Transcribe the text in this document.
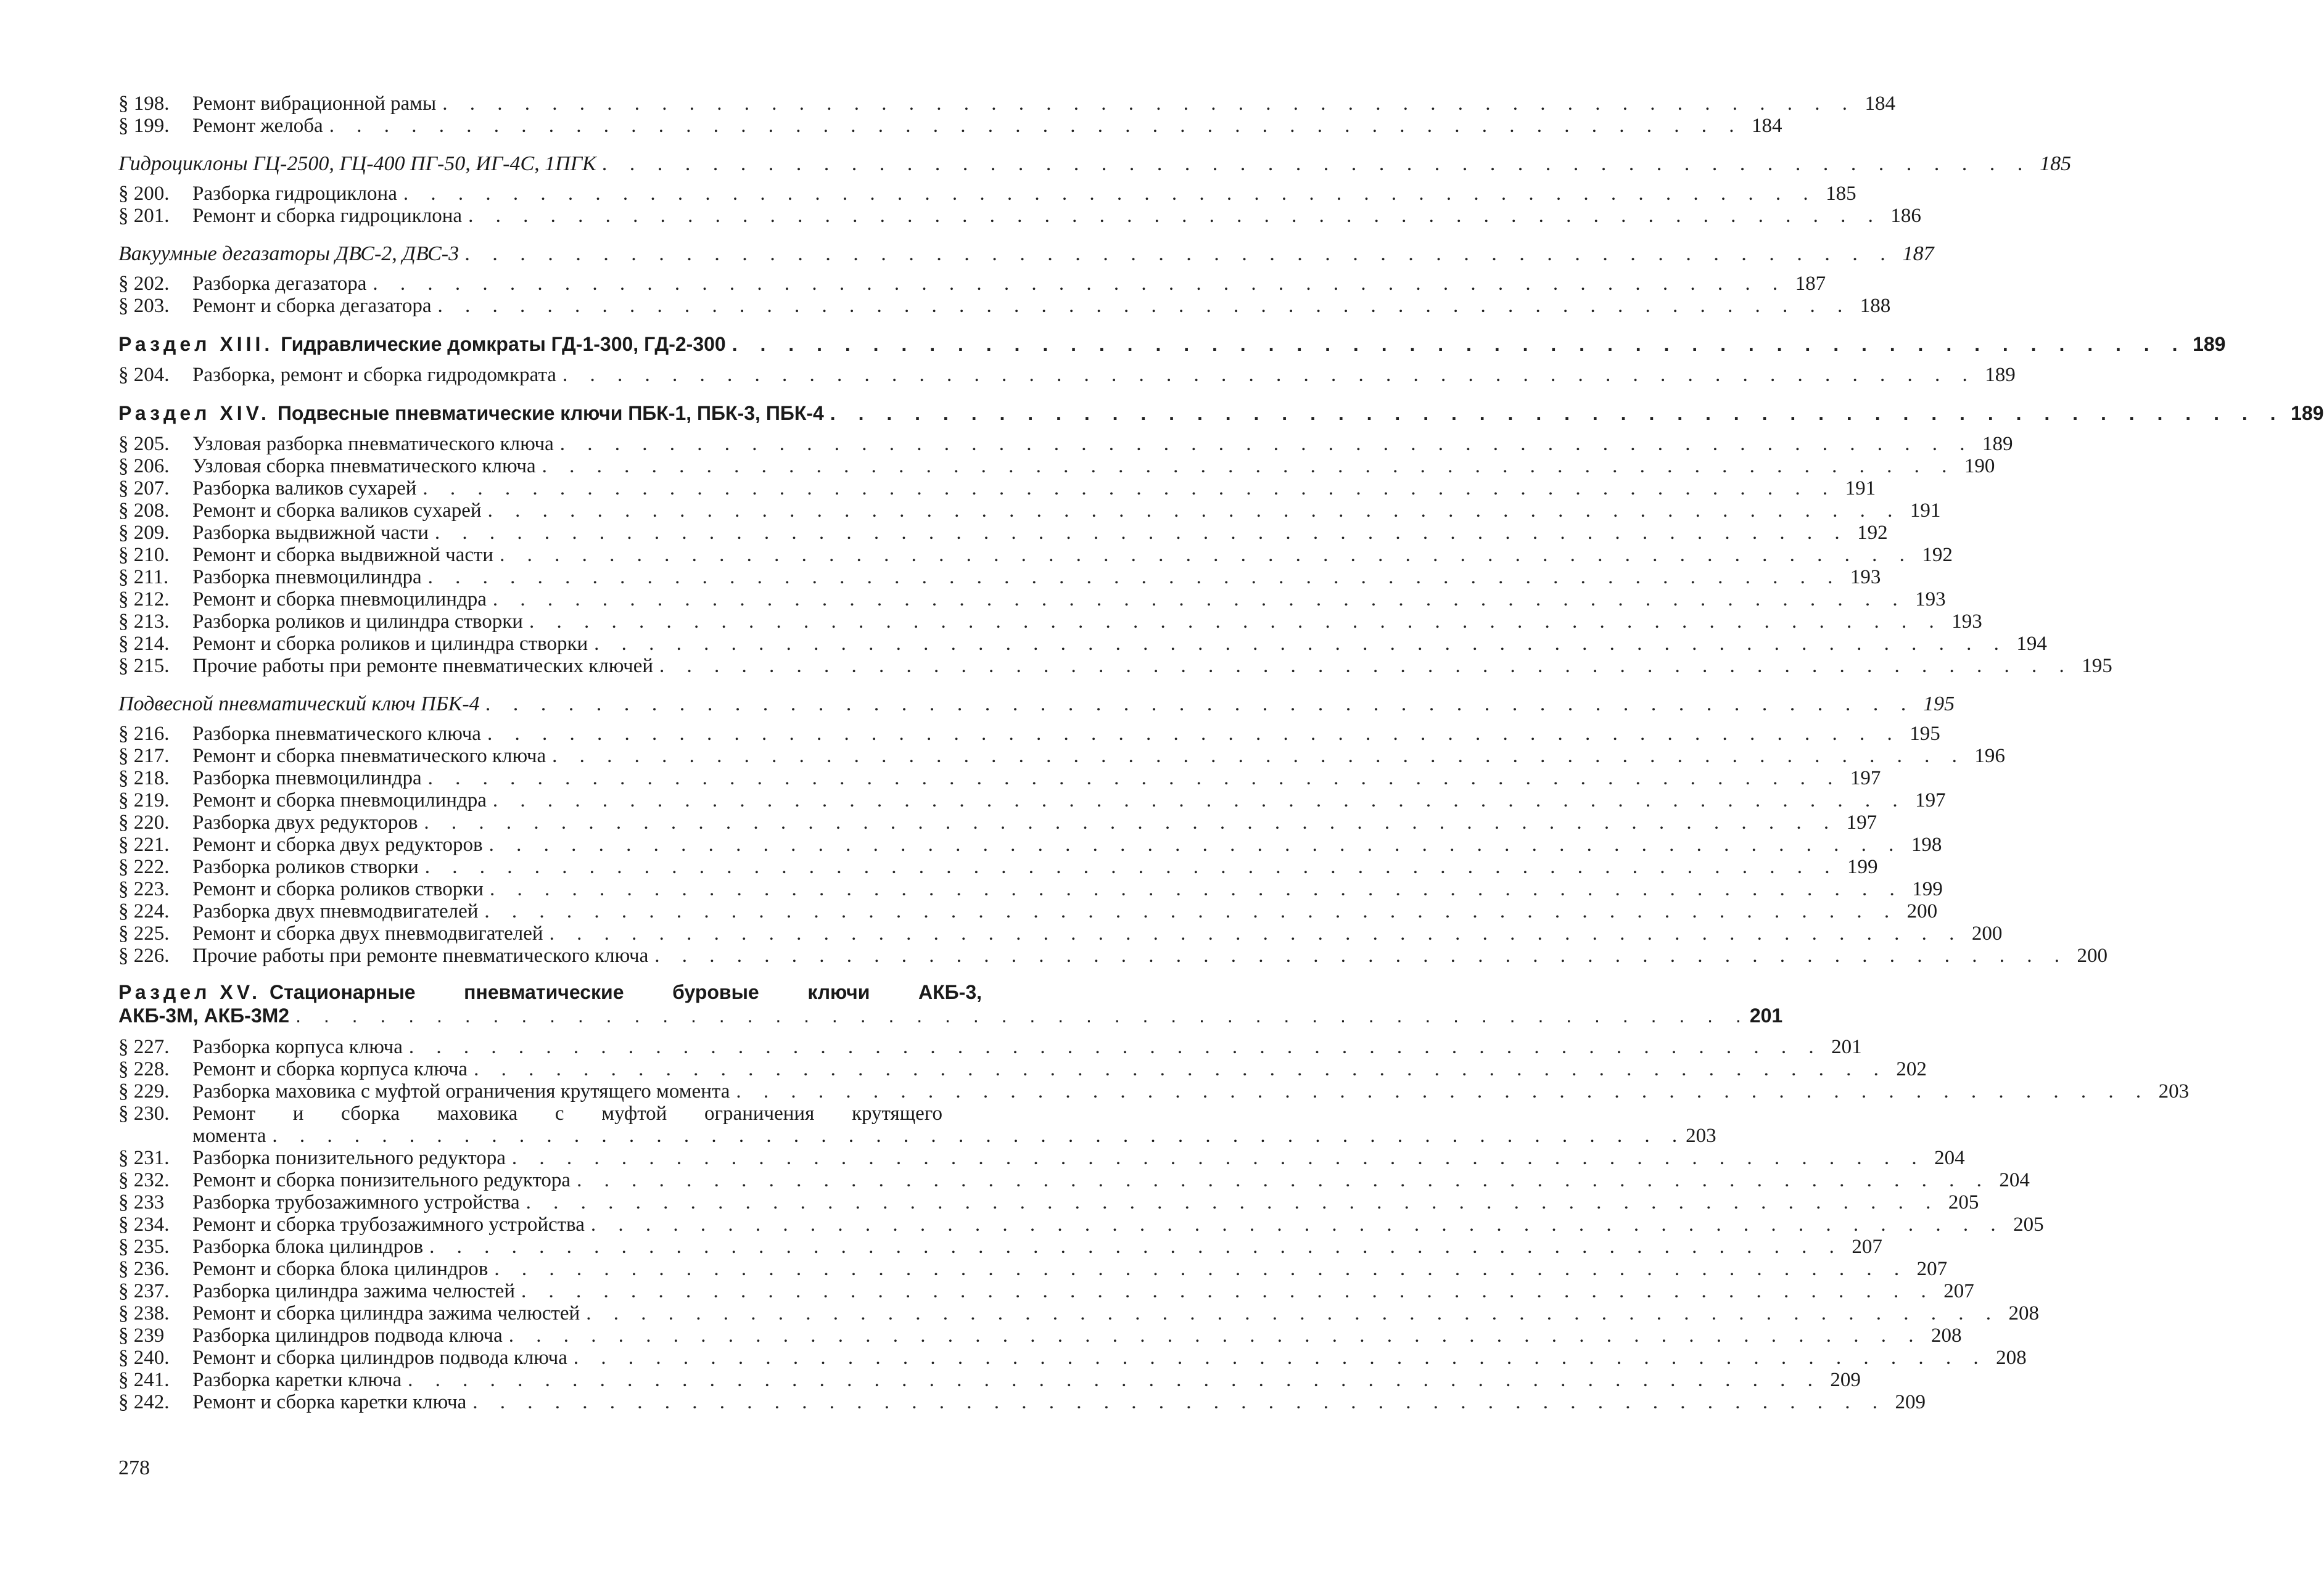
§ 198.	Ремонт вибрационной рамы . . . . . . . . . . . . . . . . . . . . . . . . . . . . . . . . . . . . . . . . . . . . . . . . . . . . 184
§ 199.	Ремонт желоба . . . . . . . . . . . . . . . . . . . . . . . . . . . . . . . . . . . . . . . . . . . . . . . . . . . . 184
Гидроциклоны ГЦ-2500, ГЦ-400 ПГ-50, ИГ-4С, 1ПГК . . . . . . . . . . . . . . . . . . . . . . . . . . . . . . . . . . . . . . . . . . . . . . . . . . . . 185
§ 200.	Разборка гидроциклона . . . . . . . . . . . . . . . . . . . . . . . . . . . . . . . . . . . . . . . . . . . . . . . . . . . . 185
§ 201.	Ремонт и сборка гидроциклона . . . . . . . . . . . . . . . . . . . . . . . . . . . . . . . . . . . . . . . . . . . . . . . . . . . . 186
Вакуумные дегазаторы ДВС-2, ДВС-3 . . . . . . . . . . . . . . . . . . . . . . . . . . . . . . . . . . . . . . . . . . . . . . . . . . . . 187
§ 202.	Разборка дегазатора . . . . . . . . . . . . . . . . . . . . . . . . . . . . . . . . . . . . . . . . . . . . . . . . . . . . 187
§ 203.	Ремонт и сборка дегазатора . . . . . . . . . . . . . . . . . . . . . . . . . . . . . . . . . . . . . . . . . . . . . . . . . . . . 188
Раздел XIII. Гидравлические домкраты ГД-1-300, ГД-2-300 . . . . . . . . . . . . . . . . . . . . . . . . . . . . . . . . . . . . . . . . . . . . . . . . . . . . 189
§ 204.	Разборка, ремонт и сборка гидродомкрата . . . . . . . . . . . . . . . . . . . . . . . . . . . . . . . . . . . . . . . . . . . . . . . . . . . . 189
Раздел XIV. Подвесные пневматические ключи ПБК-1, ПБК-3, ПБК-4 . . . . . . . . . . . . . . . . . . . . . . . . . . . . . . . . . . . . . . . . . . . . . . . . . . . . 189
§ 205.	Узловая разборка пневматического ключа . . . . . . . . . . . . . . . . . . . . . . . . . . . . . . . . . . . . . . . . . . . . . . . . . . . . 189
§ 206.	Узловая сборка пневматического ключа . . . . . . . . . . . . . . . . . . . . . . . . . . . . . . . . . . . . . . . . . . . . . . . . . . . . 190
§ 207.	Разборка валиков сухарей . . . . . . . . . . . . . . . . . . . . . . . . . . . . . . . . . . . . . . . . . . . . . . . . . . . . 191
§ 208.	Ремонт и сборка валиков сухарей . . . . . . . . . . . . . . . . . . . . . . . . . . . . . . . . . . . . . . . . . . . . . . . . . . . . 191
§ 209.	Разборка выдвижной части . . . . . . . . . . . . . . . . . . . . . . . . . . . . . . . . . . . . . . . . . . . . . . . . . . . . 192
§ 210.	Ремонт и сборка выдвижной части . . . . . . . . . . . . . . . . . . . . . . . . . . . . . . . . . . . . . . . . . . . . . . . . . . . . 192
§ 211.	Разборка пневмоцилиндра . . . . . . . . . . . . . . . . . . . . . . . . . . . . . . . . . . . . . . . . . . . . . . . . . . . . 193
§ 212.	Ремонт и сборка пневмоцилиндра . . . . . . . . . . . . . . . . . . . . . . . . . . . . . . . . . . . . . . . . . . . . . . . . . . . . 193
§ 213.	Разборка роликов и цилиндра створки . . . . . . . . . . . . . . . . . . . . . . . . . . . . . . . . . . . . . . . . . . . . . . . . . . . . 193
§ 214.	Ремонт и сборка роликов и цилиндра створки . . . . . . . . . . . . . . . . . . . . . . . . . . . . . . . . . . . . . . . . . . . . . . . . . . . . 194
§ 215.	Прочие работы при ремонте пневматических ключей . . . . . . . . . . . . . . . . . . . . . . . . . . . . . . . . . . . . . . . . . . . . . . . . . . . . 195
Подвесной пневматический ключ ПБК-4 . . . . . . . . . . . . . . . . . . . . . . . . . . . . . . . . . . . . . . . . . . . . . . . . . . . . 195
§ 216.	Разборка пневматического ключа . . . . . . . . . . . . . . . . . . . . . . . . . . . . . . . . . . . . . . . . . . . . . . . . . . . . 195
§ 217.	Ремонт и сборка пневматического ключа . . . . . . . . . . . . . . . . . . . . . . . . . . . . . . . . . . . . . . . . . . . . . . . . . . . . 196
§ 218.	Разборка пневмоцилиндра . . . . . . . . . . . . . . . . . . . . . . . . . . . . . . . . . . . . . . . . . . . . . . . . . . . . 197
§ 219.	Ремонт и сборка пневмоцилиндра . . . . . . . . . . . . . . . . . . . . . . . . . . . . . . . . . . . . . . . . . . . . . . . . . . . . 197
§ 220.	Разборка двух редукторов . . . . . . . . . . . . . . . . . . . . . . . . . . . . . . . . . . . . . . . . . . . . . . . . . . . . 197
§ 221.	Ремонт и сборка двух редукторов . . . . . . . . . . . . . . . . . . . . . . . . . . . . . . . . . . . . . . . . . . . . . . . . . . . . 198
§ 222.	Разборка роликов створки . . . . . . . . . . . . . . . . . . . . . . . . . . . . . . . . . . . . . . . . . . . . . . . . . . . . 199
§ 223.	Ремонт и сборка роликов створки . . . . . . . . . . . . . . . . . . . . . . . . . . . . . . . . . . . . . . . . . . . . . . . . . . . . 199
§ 224.	Разборка двух пневмодвигателей . . . . . . . . . . . . . . . . . . . . . . . . . . . . . . . . . . . . . . . . . . . . . . . . . . . . 200
§ 225.	Ремонт и сборка двух пневмодвигателей . . . . . . . . . . . . . . . . . . . . . . . . . . . . . . . . . . . . . . . . . . . . . . . . . . . . 200
§ 226.	Прочие работы при ремонте пневматического ключа . . . . . . . . . . . . . . . . . . . . . . . . . . . . . . . . . . . . . . . . . . . . . . . . . . . . 200
Раздел XV. Стационарные пневматические буровые ключи АКБ-3,
АКБ-3М, АКБ-3М2 . . . . . . . . . . . . . . . . . . . . . . . . . . . . . . . . . . . . . . . . . . . . . . . . . . . . 201
§ 227.	Разборка корпуса ключа . . . . . . . . . . . . . . . . . . . . . . . . . . . . . . . . . . . . . . . . . . . . . . . . . . . . 201
§ 228.	Ремонт и сборка корпуса ключа . . . . . . . . . . . . . . . . . . . . . . . . . . . . . . . . . . . . . . . . . . . . . . . . . . . . 202
§ 229.	Разборка маховика с муфтой ограничения крутящего момента . . . . . . . . . . . . . . . . . . . . . . . . . . . . . . . . . . . . . . . . . . . . . . . . . . . . 203
§ 230.	Ремонт и сборка маховика с муфтой ограничения крутящего
момента . . . . . . . . . . . . . . . . . . . . . . . . . . . . . . . . . . . . . . . . . . . . . . . . . . . . 203
§ 231.	Разборка понизительного редуктора . . . . . . . . . . . . . . . . . . . . . . . . . . . . . . . . . . . . . . . . . . . . . . . . . . . . 204
§ 232.	Ремонт и сборка понизительного редуктора . . . . . . . . . . . . . . . . . . . . . . . . . . . . . . . . . . . . . . . . . . . . . . . . . . . . 204
§ 233	Разборка трубозажимного устройства . . . . . . . . . . . . . . . . . . . . . . . . . . . . . . . . . . . . . . . . . . . . . . . . . . . . 205
§ 234.	Ремонт и сборка трубозажимного устройства . . . . . . . . . . . . . . . . . . . . . . . . . . . . . . . . . . . . . . . . . . . . . . . . . . . . 205
§ 235.	Разборка блока цилиндров . . . . . . . . . . . . . . . . . . . . . . . . . . . . . . . . . . . . . . . . . . . . . . . . . . . . 207
§ 236.	Ремонт и сборка блока цилиндров . . . . . . . . . . . . . . . . . . . . . . . . . . . . . . . . . . . . . . . . . . . . . . . . . . . . 207
§ 237.	Разборка цилиндра зажима челюстей . . . . . . . . . . . . . . . . . . . . . . . . . . . . . . . . . . . . . . . . . . . . . . . . . . . . 207
§ 238.	Ремонт и сборка цилиндра зажима челюстей . . . . . . . . . . . . . . . . . . . . . . . . . . . . . . . . . . . . . . . . . . . . . . . . . . . . 208
§ 239	Разборка цилиндров подвода ключа . . . . . . . . . . . . . . . . . . . . . . . . . . . . . . . . . . . . . . . . . . . . . . . . . . . . 208
§ 240.	Ремонт и сборка цилиндров подвода ключа . . . . . . . . . . . . . . . . . . . . . . . . . . . . . . . . . . . . . . . . . . . . . . . . . . . . 208
§ 241.	Разборка каретки ключа . . . . . . . . . . . . . . . . . . . . . . . . . . . . . . . . . . . . . . . . . . . . . . . . . . . . 209
§ 242.	Ремонт и сборка каретки ключа . . . . . . . . . . . . . . . . . . . . . . . . . . . . . . . . . . . . . . . . . . . . . . . . . . . . 209
278
